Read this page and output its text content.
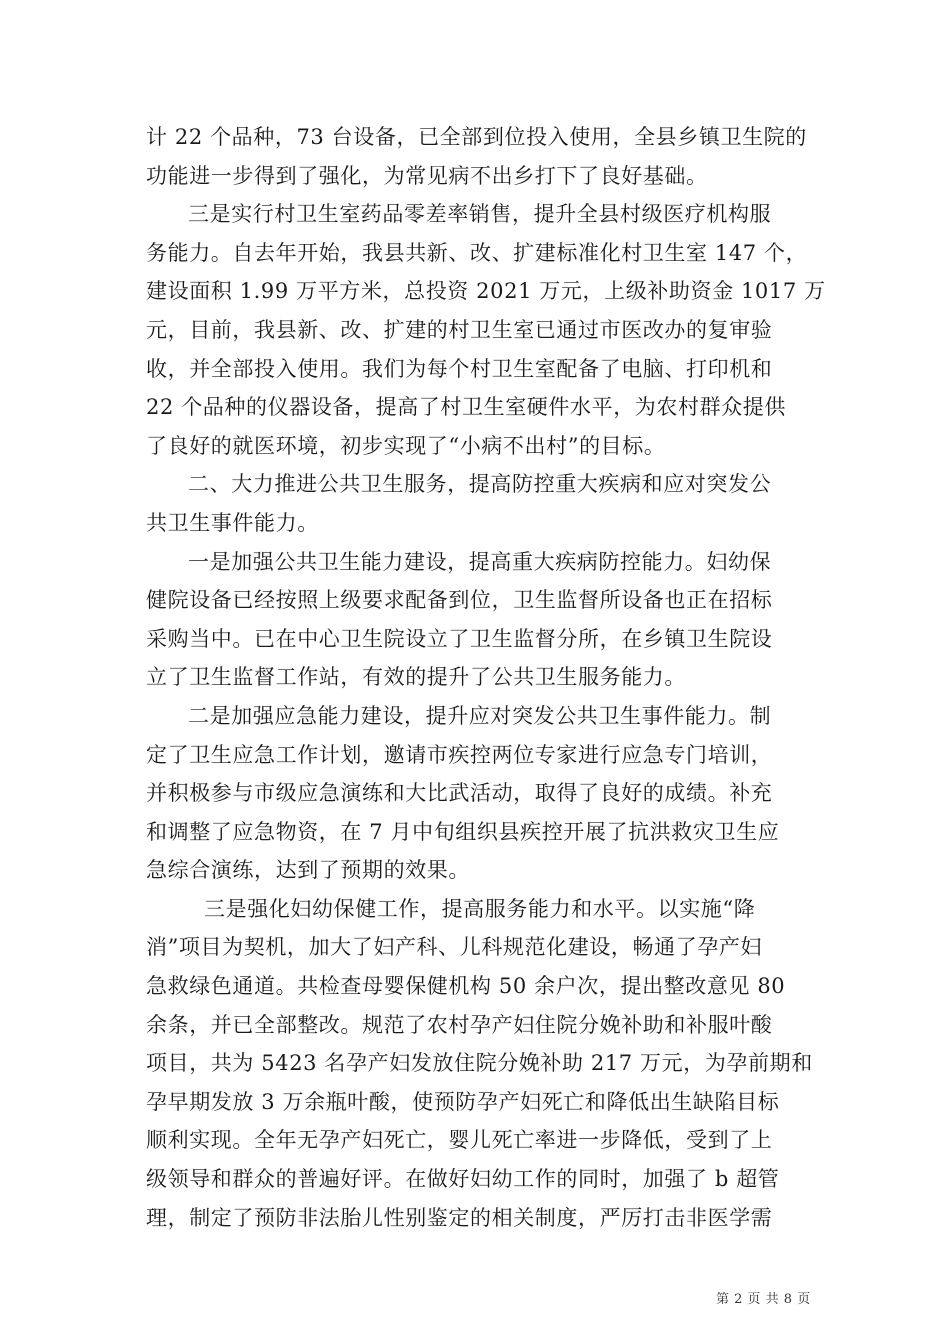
计 22 个品种，73 台设备，已全部到位投入使用，全县乡镇卫生院的
功能进一步得到了强化，为常见病不出乡打下了良好基础。
三是实行村卫生室药品零差率销售，提升全县村级医疗机构服
务能力。自去年开始，我县共新、改、扩建标准化村卫生室 147 个，
建设面积 1.99 万平方米，总投资 2021 万元，上级补助资金 1017 万
元，目前，我县新、改、扩建的村卫生室已通过市医改办的复审验
收，并全部投入使用。我们为每个村卫生室配备了电脑、打印机和
22 个品种的仪器设备，提高了村卫生室硬件水平，为农村群众提供
了良好的就医环境，初步实现了“小病不出村”的目标。
二、大力推进公共卫生服务，提高防控重大疾病和应对突发公
共卫生事件能力。
一是加强公共卫生能力建设，提高重大疾病防控能力。妇幼保
健院设备已经按照上级要求配备到位，卫生监督所设备也正在招标
采购当中。已在中心卫生院设立了卫生监督分所，在乡镇卫生院设
立了卫生监督工作站，有效的提升了公共卫生服务能力。
二是加强应急能力建设，提升应对突发公共卫生事件能力。制
定了卫生应急工作计划，邀请市疾控两位专家进行应急专门培训，
并积极参与市级应急演练和大比武活动，取得了良好的成绩。补充
和调整了应急物资，在 7 月中旬组织县疾控开展了抗洪救灾卫生应
急综合演练，达到了预期的效果。
三是强化妇幼保健工作，提高服务能力和水平。以实施“降
消”项目为契机，加大了妇产科、儿科规范化建设，畅通了孕产妇
急救绿色通道。共检查母婴保健机构 50 余户次，提出整改意见 80
余条，并已全部整改。规范了农村孕产妇住院分娩补助和补服叶酸
项目，共为 5423 名孕产妇发放住院分娩补助 217 万元，为孕前期和
孕早期发放 3 万余瓶叶酸，使预防孕产妇死亡和降低出生缺陷目标
顺利实现。全年无孕产妇死亡，婴儿死亡率进一步降低，受到了上
级领导和群众的普遍好评。在做好妇幼工作的同时，加强了 b 超管
理，制定了预防非法胎儿性别鉴定的相关制度，严厉打击非医学需
第 2 页 共 8 页
